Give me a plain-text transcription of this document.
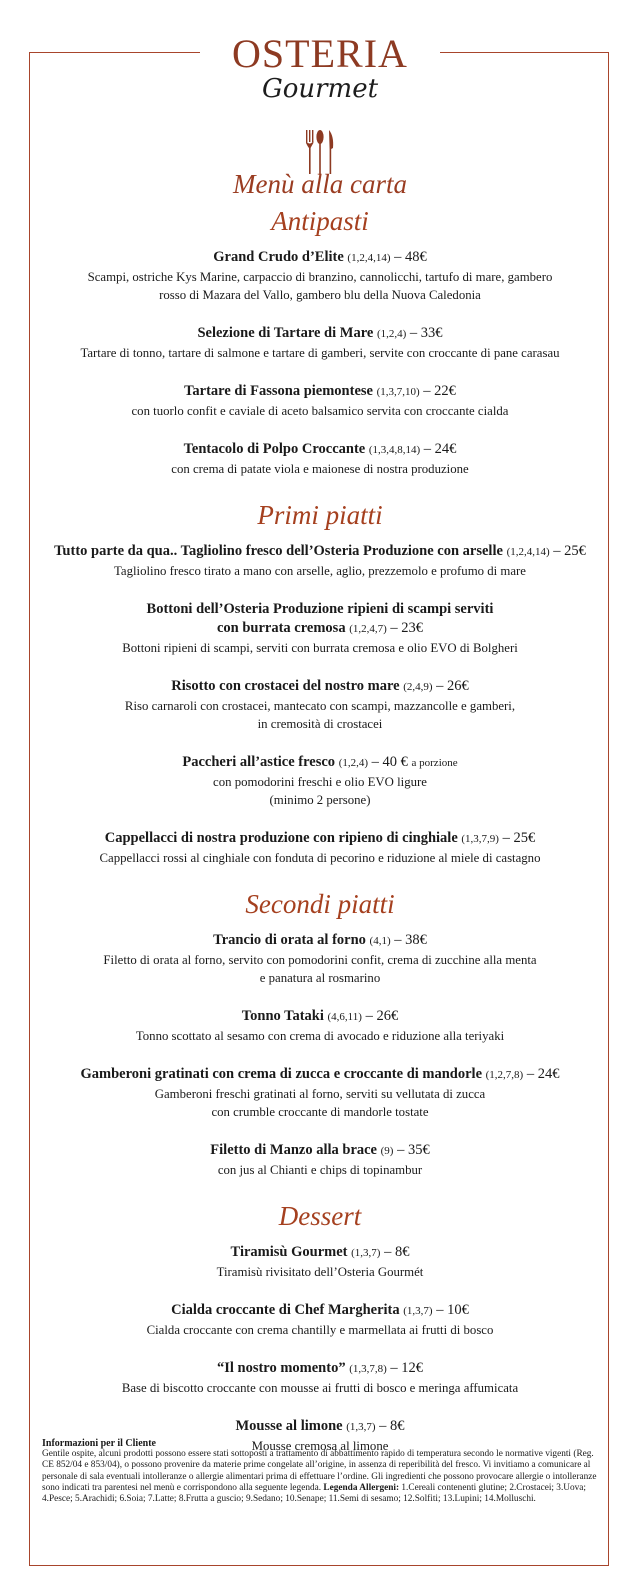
OSTERIA
Gourmet
Menù alla carta
Antipasti
Grand Crudo d’Elite (1,2,4,14) – 48€
Scampi, ostriche Kys Marine, carpaccio di branzino, cannolicchi, tartufo di mare, gambero
rosso di Mazara del Vallo, gambero blu della Nuova Caledonia
Selezione di Tartare di Mare (1,2,4) – 33€
Tartare di tonno, tartare di salmone e tartare di gamberi, servite con croccante di pane carasau
Tartare di Fassona piemontese (1,3,7,10) – 22€
con tuorlo confit e caviale di aceto balsamico servita con croccante cialda
Tentacolo di Polpo Croccante (1,3,4,8,14) – 24€
con crema di patate viola e maionese di nostra produzione
Primi piatti
Tutto parte da qua.. Tagliolino fresco dell’Osteria Produzione con arselle (1,2,4,14) – 25€
Tagliolino fresco tirato a mano con arselle, aglio, prezzemolo e profumo di mare
Bottoni dell’Osteria Produzione ripieni di scampi serviti
con burrata cremosa (1,2,4,7) – 23€
Bottoni ripieni di scampi, serviti con burrata cremosa e olio EVO di Bolgheri
Risotto con crostacei del nostro mare (2,4,9) – 26€
Riso carnaroli con crostacei, mantecato con scampi, mazzancolle e gamberi,
in cremosità di crostacei
Paccheri all’astice fresco (1,2,4) – 40 € a porzione
con pomodorini freschi e olio EVO ligure
(minimo 2 persone)
Cappellacci di nostra produzione con ripieno di cinghiale (1,3,7,9) – 25€
Cappellacci rossi al cinghiale con fonduta di pecorino e riduzione al miele di castagno
Secondi piatti
Trancio di orata al forno (4,1) – 38€
Filetto di orata al forno, servito con pomodorini confit, crema di zucchine alla menta
e panatura al rosmarino
Tonno Tataki (4,6,11) – 26€
Tonno scottato al sesamo con crema di avocado e riduzione alla teriyaki
Gamberoni gratinati con crema di zucca e croccante di mandorle (1,2,7,8) – 24€
Gamberoni freschi gratinati al forno, serviti su vellutata di zucca
con crumble croccante di mandorle tostate
Filetto di Manzo alla brace (9) – 35€
con jus al Chianti e chips di topinambur
Dessert
Tiramisù Gourmet (1,3,7) – 8€
Tiramisù rivisitato dell’Osteria Gourmét
Cialda croccante di Chef Margherita (1,3,7) – 10€
Cialda croccante con crema chantilly e marmellata ai frutti di bosco
“Il nostro momento” (1,3,7,8) – 12€
Base di biscotto croccante con mousse ai frutti di bosco e meringa affumicata
Mousse al limone (1,3,7) – 8€
Mousse cremosa al limone
Informazioni per il Cliente
Gentile ospite, alcuni prodotti possono essere stati sottoposti a trattamento di abbattimento rapido di temperatura secondo le normative vigenti (Reg. CE 852/04 e 853/04), o possono provenire da materie prime congelate all’origine, in assenza di reperibilità del fresco. Vi invitiamo a comunicare al personale di sala eventuali intolleranze o allergie alimentari prima di effettuare l’ordine. Gli ingredienti che possono provocare allergie o intolleranze sono indicati tra parentesi nel menù e corrispondono alla seguente legenda. Legenda Allergeni: 1.Cereali contenenti glutine; 2.Crostacei; 3.Uova; 4.Pesce; 5.Arachidi; 6.Soia; 7.Latte; 8.Frutta a guscio; 9.Sedano; 10.Senape; 11.Semi di sesamo; 12.Solfiti; 13.Lupini; 14.Molluschi.
